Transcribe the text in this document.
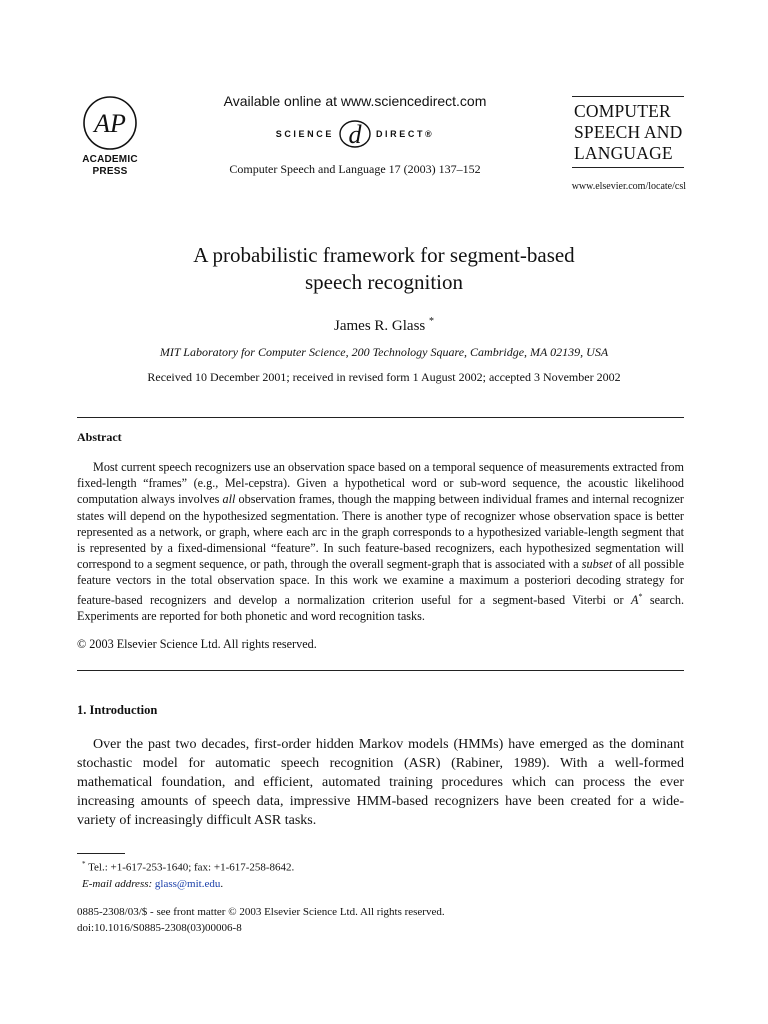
AP
ACADEMIC
PRESS
Available online at www.sciencedirect.com
SCIENCE d DIRECT®
Computer Speech and Language 17 (2003) 137–152
COMPUTER
SPEECH AND
LANGUAGE
www.elsevier.com/locate/csl
A probabilistic framework for segment-based
speech recognition
James R. Glass *
MIT Laboratory for Computer Science, 200 Technology Square, Cambridge, MA 02139, USA
Received 10 December 2001; received in revised form 1 August 2002; accepted 3 November 2002
Abstract

Most current speech recognizers use an observation space based on a temporal sequence of measurements extracted from fixed-length “frames” (e.g., Mel-cepstra). Given a hypothetical word or sub-word sequence, the acoustic likelihood computation always involves all observation frames, though the mapping between individual frames and internal recognizer states will depend on the hypothesized segmentation. There is another type of recognizer whose observation space is better represented as a network, or graph, where each arc in the graph corresponds to a hypothesized variable-length segment that is represented by a fixed-dimensional “feature”. In such feature-based recognizers, each hypothesized segmentation will correspond to a segment sequence, or path, through the overall segment-graph that is associated with a subset of all possible feature vectors in the total observation space. In this work we examine a maximum a posteriori decoding strategy for feature-based recognizers and develop a normalization criterion useful for a segment-based Viterbi or A* search. Experiments are reported for both phonetic and word recognition tasks.

© 2003 Elsevier Science Ltd. All rights reserved.
1. Introduction

Over the past two decades, first-order hidden Markov models (HMMs) have emerged as the dominant stochastic model for automatic speech recognition (ASR) (Rabiner, 1989). With a well-formed mathematical foundation, and efficient, automated training procedures which can process the ever increasing amounts of speech data, impressive HMM-based recognizers have been created for a wide-variety of increasingly difficult ASR tasks.

* Tel.: +1-617-253-1640; fax: +1-617-258-8642.
E-mail address: glass@mit.edu.
0885-2308/03/$ - see front matter © 2003 Elsevier Science Ltd. All rights reserved.
doi:10.1016/S0885-2308(03)00006-8
